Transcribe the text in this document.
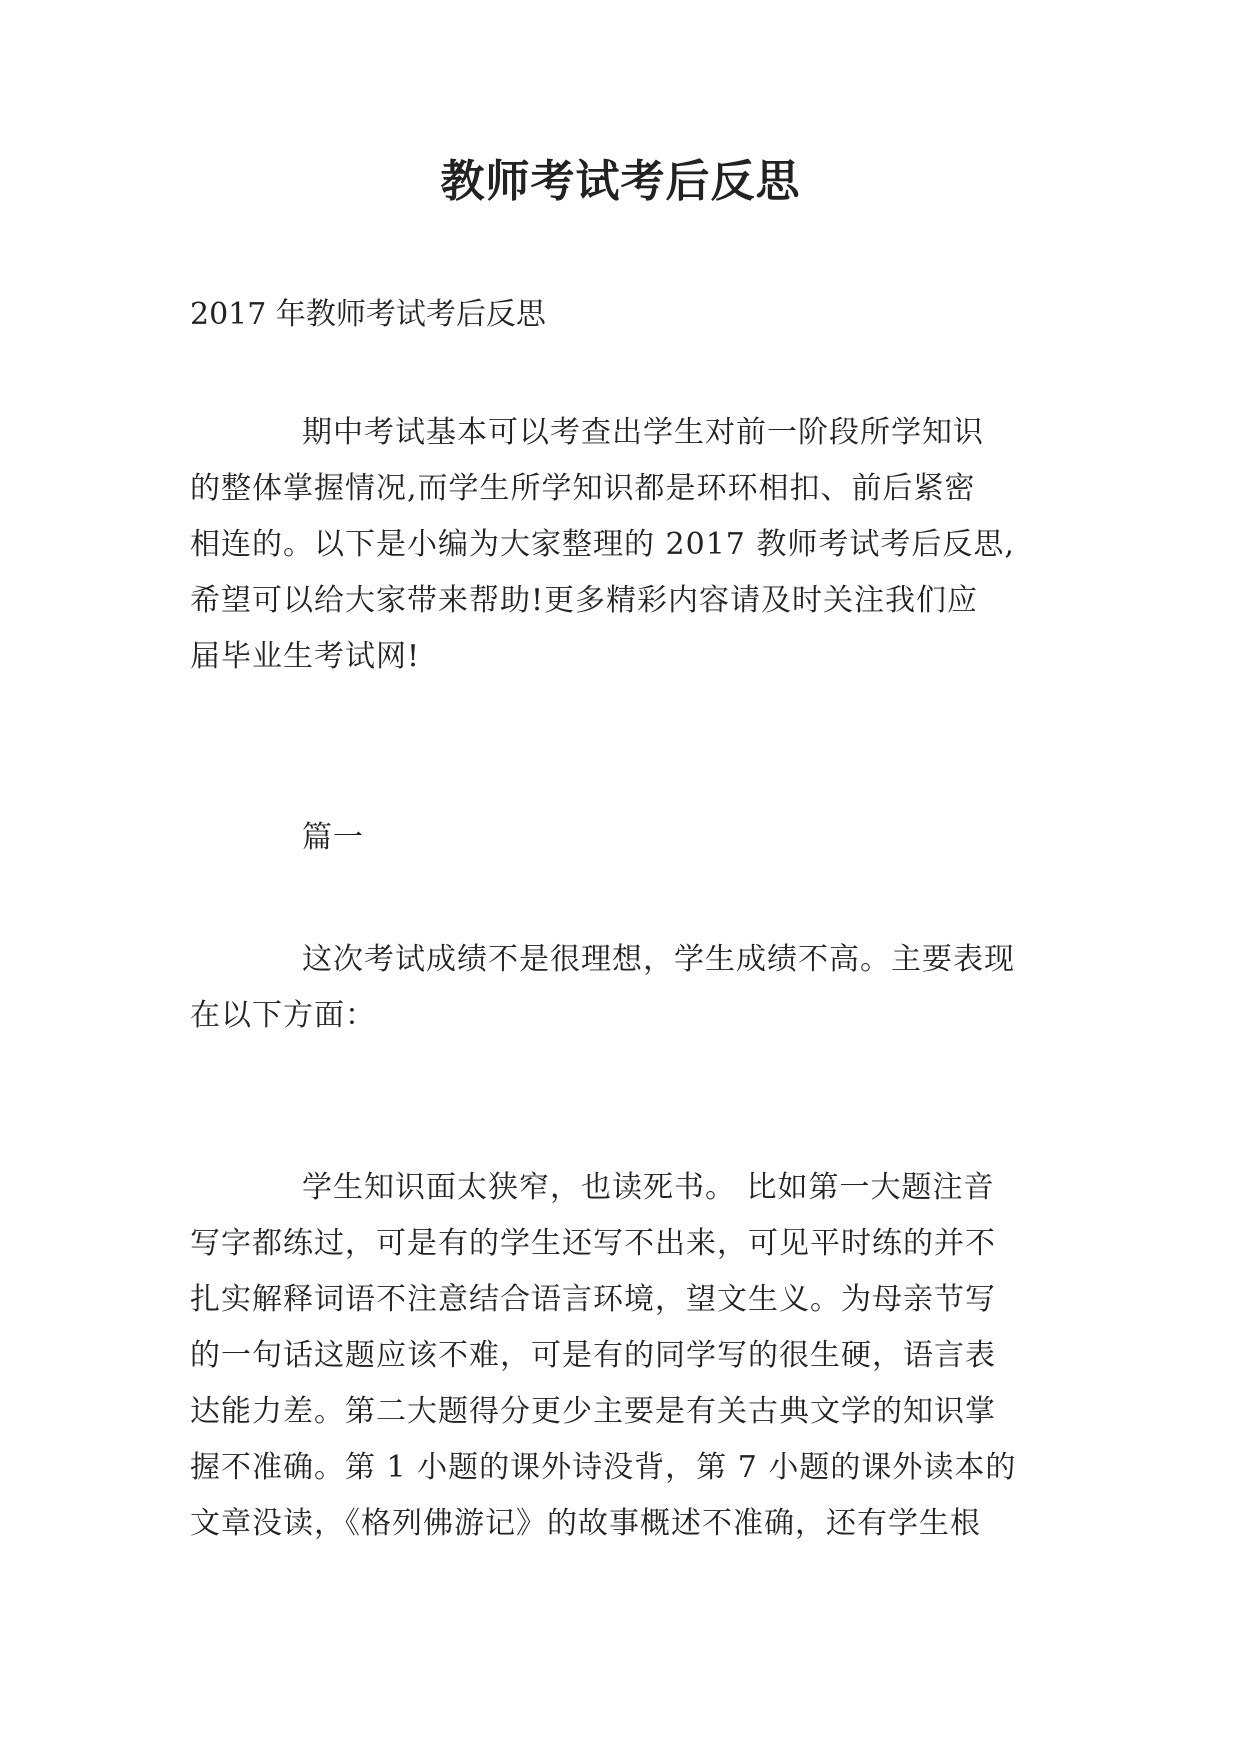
教师考试考后反思
2017 年教师考试考后反思
期中考试基本可以考查出学生对前一阶段所学知识
的整体掌握情况,而学生所学知识都是环环相扣、前后紧密
相连的。以下是小编为大家整理的 2017 教师考试考后反思,
希望可以给大家带来帮助!更多精彩内容请及时关注我们应
届毕业生考试网!
篇一
这次考试成绩不是很理想，学生成绩不高。主要表现
在以下方面：
学生知识面太狭窄，也读死书。 比如第一大题注音
写字都练过，可是有的学生还写不出来，可见平时练的并不
扎实解释词语不注意结合语言环境，望文生义。为母亲节写
的一句话这题应该不难，可是有的同学写的很生硬，语言表
达能力差。第二大题得分更少主要是有关古典文学的知识掌
握不准确。第 1 小题的课外诗没背，第 7 小题的课外读本的
文章没读，《格列佛游记》的故事概述不准确，还有学生根
